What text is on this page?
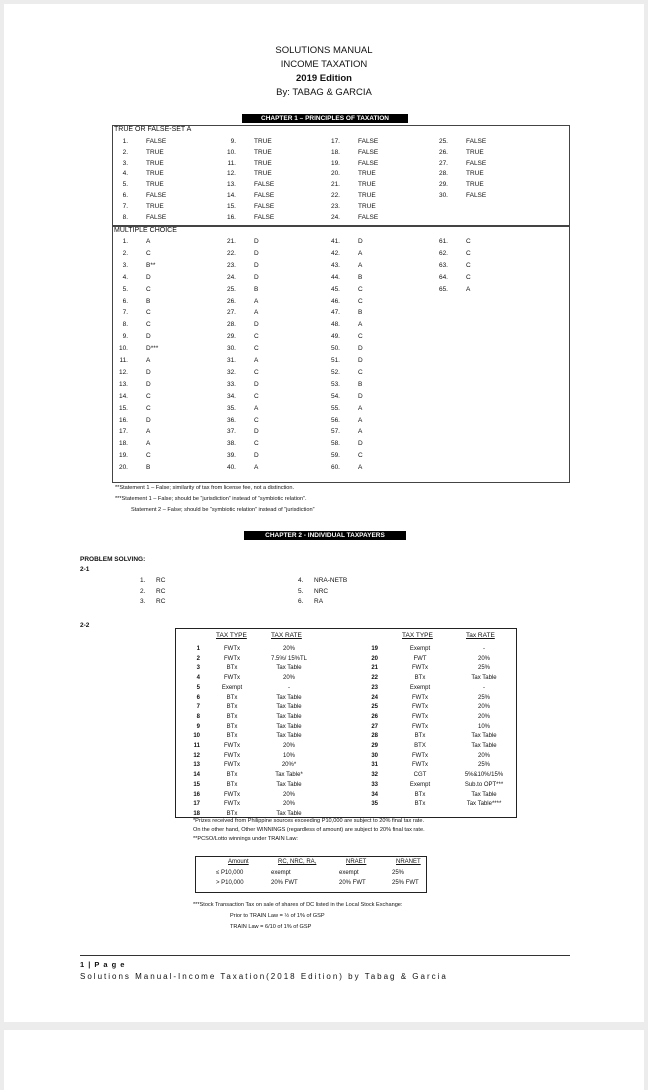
SOLUTIONS MANUAL
INCOME TAXATION
2019 Edition
By: TABAG & GARCIA
CHAPTER 1 – PRINCIPLES OF TAXATION
TRUE OR FALSE-SET A
1.	FALSE
2.	TRUE
3.	TRUE
4.	TRUE
5.	TRUE
6.	FALSE
7.	TRUE
8.	FALSE
9.	TRUE
10.	TRUE
11.	TRUE
12.	TRUE
13.	FALSE
14.	FALSE
15.	FALSE
16.	FALSE
17.	FALSE
18.	FALSE
19.	FALSE
20.	TRUE
21.	TRUE
22.	TRUE
23.	TRUE
24.	FALSE
25.	FALSE
26.	TRUE
27.	FALSE
28.	TRUE
29.	TRUE
30.	FALSE
MULTIPLE CHOICE
1.	A
2.	C
3.	B**
4.	D
5.	C
6.	B
7.	C
8.	C
9.	D
10.	D***
11.	A
12.	D
13.	D
14.	C
15.	C
16.	D
17.	A
18.	A
19.	C
20.	B
21.	D
22.	D
23.	D
24.	D
25.	B
26.	A
27.	A
28.	D
29.	C
30.	C
31.	A
32.	C
33.	D
34.	C
35.	A
36.	C
37.	D
38.	C
39.	D
40.	A
41.	D
42.	A
43.	A
44.	B
45.	C
46.	C
47.	B
48.	A
49.	C
50.	D
51.	D
52.	C
53.	B
54.	D
55.	A
56.	A
57.	A
58.	D
59.	C
60.	A
61.	C
62.	C
63.	C
64.	C
65.	A
**Statement 1 – False; similarity of tax from license fee, not a distinction.
***Statement 1 – False; should be “jurisdiction” instead of “symbiotic relation”.
Statement 2 – False; should be “symbiotic relation” instead of “jurisdiction”
CHAPTER 2 - INDIVIDUAL TAXPAYERS
PROBLEM SOLVING:
2-1
1. RC
2. RC
3. RC
4. NRA-NETB
5. NRC
6. RA
2-2
TAX TYPE	TAX RATE	TAX TYPE	Tax RATE
1	FWTx	20%
2	FWTx	7.5%/ 15%TL
3	BTx	Tax Table
4	FWTx	20%
5	Exempt	-
6	BTx	Tax Table
7	BTx	Tax Table
8	BTx	Tax Table
9	BTx	Tax Table
10	BTx	Tax Table
11	FWTx	20%
12	FWTx	10%
13	FWTx	20%*
14	BTx	Tax Table*
15	BTx	Tax Table
16	FWTx	20%
17	FWTx	20%
18	BTx	Tax Table
19	Exempt	-
20	FWT	20%
21	FWTx	25%
22	BTx	Tax Table
23	Exempt	-
24	FWTx	25%
25	FWTx	20%
26	FWTx	20%
27	FWTx	10%
28	BTx	Tax Table
29	BTX	Tax Table
30	FWTx	20%
31	FWTx	25%
32	CGT	5%&10%/15%
33	Exempt	Sub.to OPT***
34	BTx	Tax Table
35	BTx	Tax Table****
*Prizes received from Philippine sources exceeding P10,000 are subject to 20% final tax rate.
On the other hand, Other WINNINGS (regardless of amount) are subject to 20% final tax rate.
**PCSO/Lotto winnings under TRAIN Law:
Amount	RC, NRC, RA,	NRAET	NRANET
≤ P10,000	exempt	exempt	25%
> P10,000	20% FWT	20% FWT	25% FWT
***Stock Transaction Tax on sale of shares of DC listed in the Local Stock Exchange:
Prior to TRAIN Law = ½ of 1% of GSP
TRAIN Law = 6/10 of 1% of GSP
1 | P a g e
Solutions Manual-Income Taxation(2018 Edition) by Tabag & Garcia
